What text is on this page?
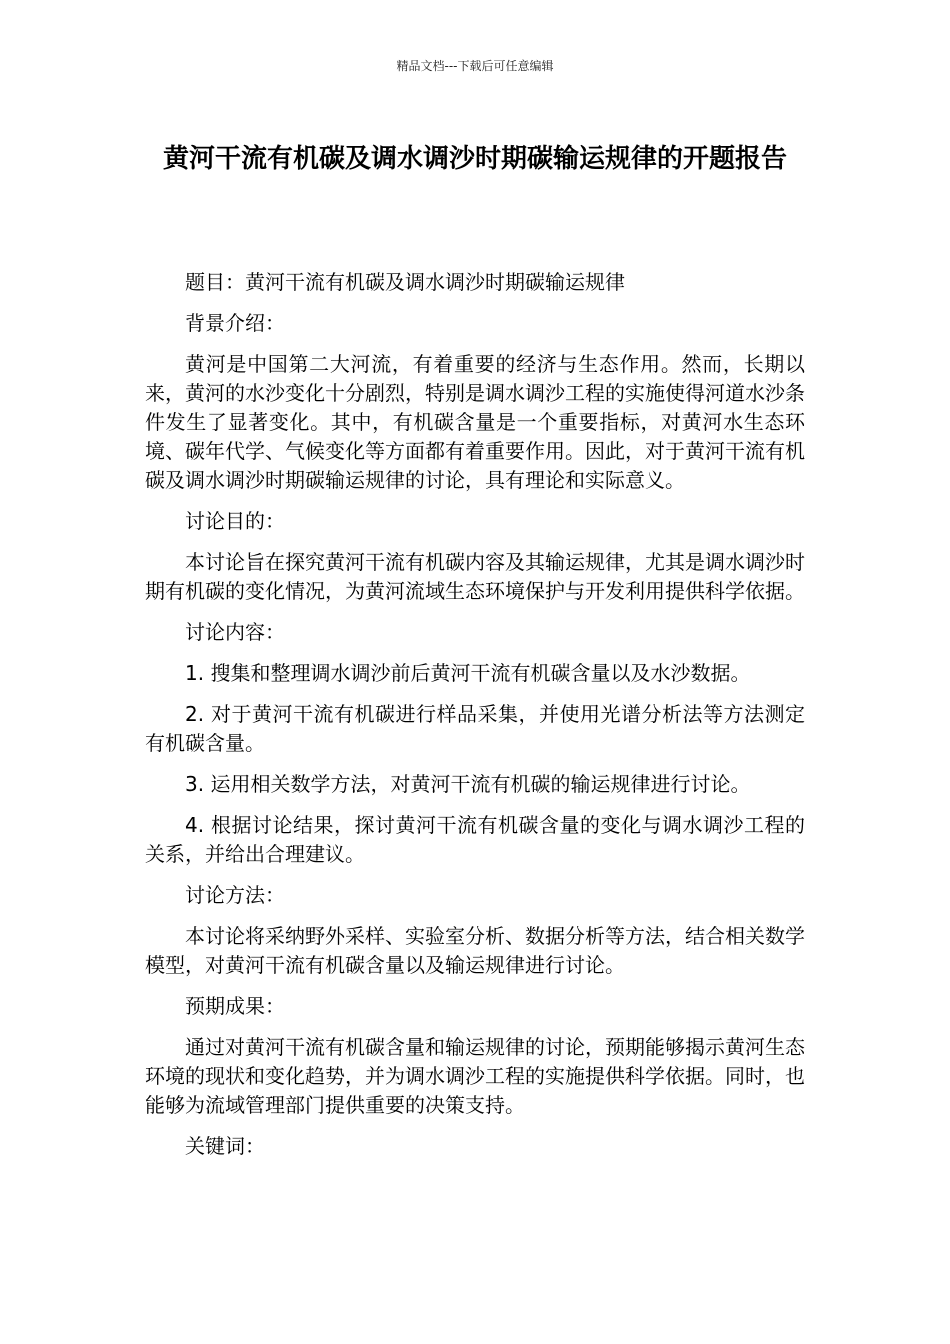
精品文档---下载后可任意编辑
黄河干流有机碳及调水调沙时期碳输运规律的开题报告

题目：黄河干流有机碳及调水调沙时期碳输运规律

背景介绍：

黄河是中国第二大河流，有着重要的经济与生态作用。然而，长期以来，黄河的水沙变化十分剧烈，特别是调水调沙工程的实施使得河道水沙条件发生了显著变化。其中，有机碳含量是一个重要指标，对黄河水生态环境、碳年代学、气候变化等方面都有着重要作用。因此，对于黄河干流有机碳及调水调沙时期碳输运规律的讨论，具有理论和实际意义。

讨论目的：

本讨论旨在探究黄河干流有机碳内容及其输运规律，尤其是调水调沙时期有机碳的变化情况，为黄河流域生态环境保护与开发利用提供科学依据。

讨论内容：

1. 搜集和整理调水调沙前后黄河干流有机碳含量以及水沙数据。

2. 对于黄河干流有机碳进行样品采集，并使用光谱分析法等方法测定有机碳含量。

3. 运用相关数学方法，对黄河干流有机碳的输运规律进行讨论。

4. 根据讨论结果，探讨黄河干流有机碳含量的变化与调水调沙工程的关系，并给出合理建议。

讨论方法：

本讨论将采纳野外采样、实验室分析、数据分析等方法，结合相关数学模型，对黄河干流有机碳含量以及输运规律进行讨论。

预期成果：

通过对黄河干流有机碳含量和输运规律的讨论，预期能够揭示黄河生态环境的现状和变化趋势，并为调水调沙工程的实施提供科学依据。同时，也能够为流域管理部门提供重要的决策支持。

关键词：
